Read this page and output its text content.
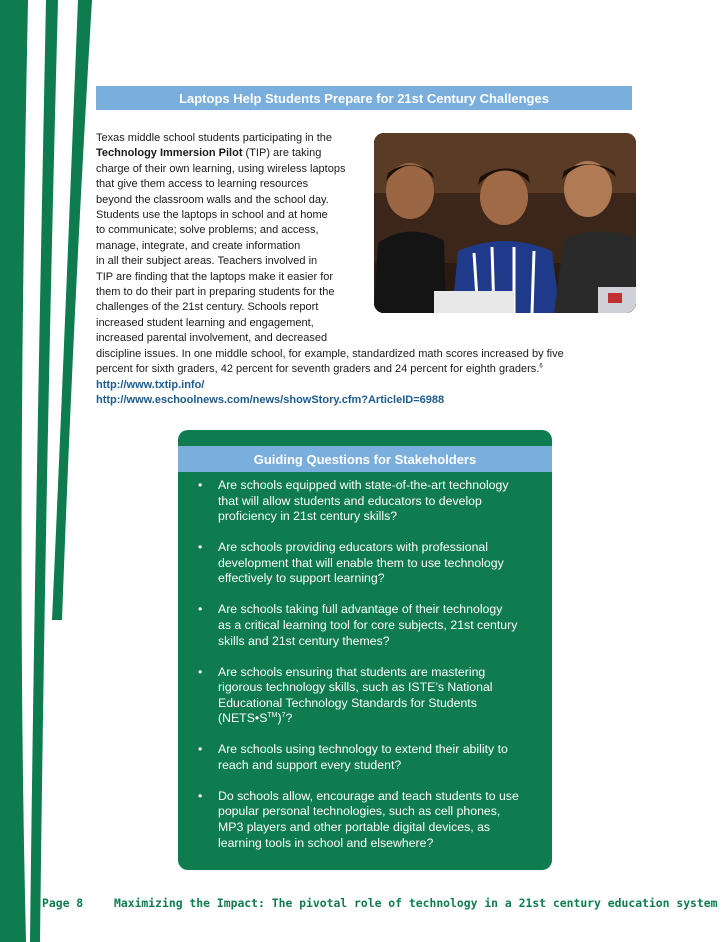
Laptops Help Students Prepare for 21st Century Challenges
Texas middle school students participating in the
Technology Immersion Pilot (TIP) are taking
charge of their own learning, using wireless laptops
that give them access to learning resources
beyond the classroom walls and the school day.
Students use the laptops in school and at home
to communicate; solve problems; and access,
manage, integrate, and create information
in all their subject areas. Teachers involved in
TIP are finding that the laptops make it easier for
them to do their part in preparing students for the
challenges of the 21st century. Schools report
increased student learning and engagement,
increased parental involvement, and decreased
discipline issues. In one middle school, for example, standardized math scores increased by five
percent for sixth graders, 42 percent for seventh graders and 24 percent for eighth graders.$^6$
http://www.txtip.info/
http://www.eschoolnews.com/news/showStory.cfm?ArticleID=6988
Guiding Questions for Stakeholders
• Are schools equipped with state-of-the-art technology
that will allow students and educators to develop
proficiency in 21st century skills?
• Are schools providing educators with professional
development that will enable them to use technology
effectively to support learning?
• Are schools taking full advantage of their technology
as a critical learning tool for core subjects, 21st century
skills and 21st century themes?
• Are schools ensuring that students are mastering
rigorous technology skills, such as ISTE’s National
Educational Technology Standards for Students
(NETS•S™)$^7$?
• Are schools using technology to extend their ability to
reach and support every student?
• Do schools allow, encourage and teach students to use
popular personal technologies, such as cell phones,
MP3 players and other portable digital devices, as
learning tools in school and elsewhere?
Page 8	Maximizing the Impact: The pivotal role of technology in a 21st century education system
